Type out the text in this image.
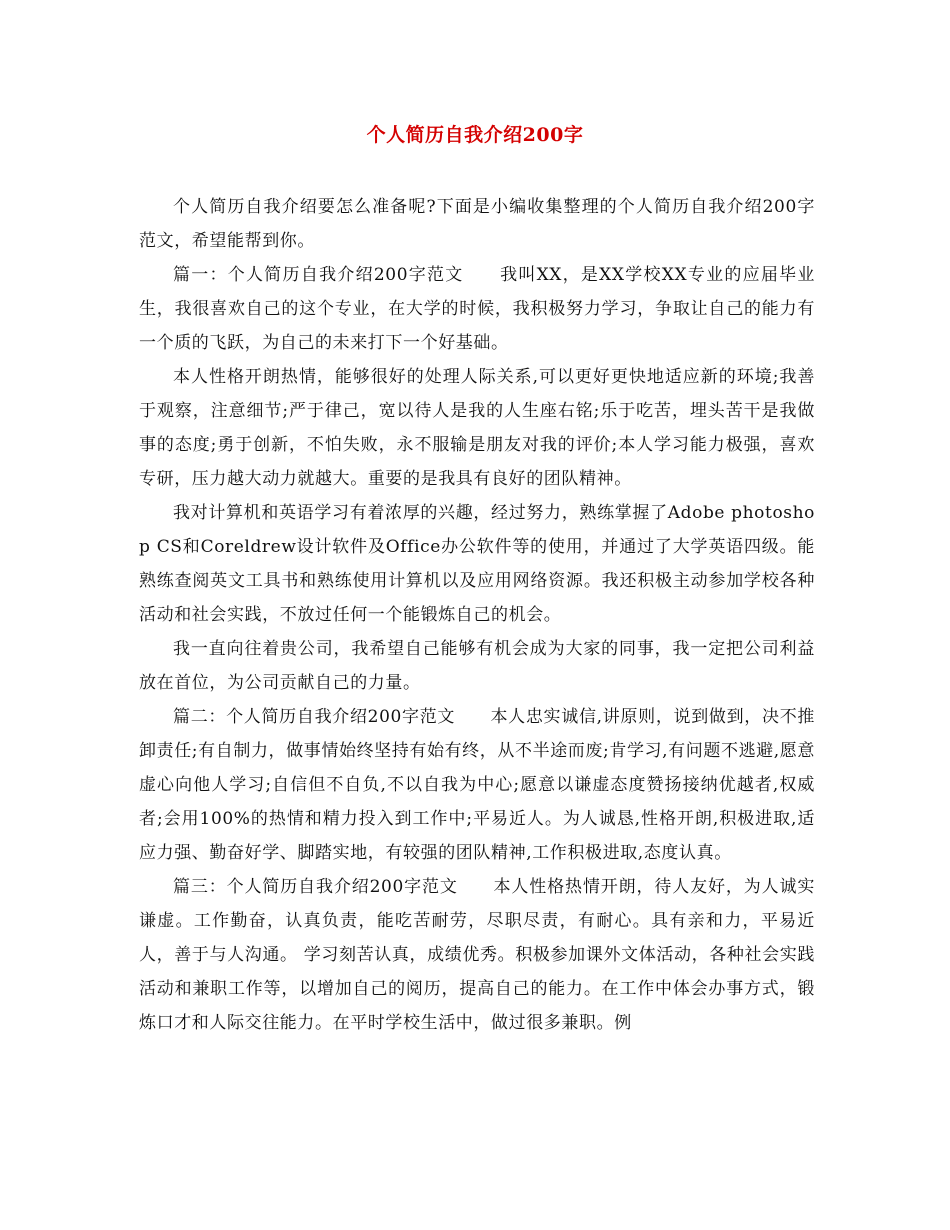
个人简历自我介绍200字

个人简历自我介绍要怎么准备呢?下面是小编收集整理的个人简历自我介绍200字范文，希望能帮到你。

篇一：个人简历自我介绍200字范文　　我叫XX，是XX学校XX专业的应届毕业生，我很喜欢自己的这个专业，在大学的时候，我积极努力学习，争取让自己的能力有一个质的飞跃，为自己的未来打下一个好基础。

本人性格开朗热情，能够很好的处理人际关系,可以更好更快地适应新的环境;我善于观察，注意细节;严于律己，宽以待人是我的人生座右铭;乐于吃苦，埋头苦干是我做事的态度;勇于创新，不怕失败，永不服输是朋友对我的评价;本人学习能力极强，喜欢专研，压力越大动力就越大。重要的是我具有良好的团队精神。

我对计算机和英语学习有着浓厚的兴趣，经过努力，熟练掌握了Adobe photoshop CS和Coreldrew设计软件及Office办公软件等的使用，并通过了大学英语四级。能熟练查阅英文工具书和熟练使用计算机以及应用网络资源。我还积极主动参加学校各种活动和社会实践，不放过任何一个能锻炼自己的机会。

我一直向往着贵公司，我希望自己能够有机会成为大家的同事，我一定把公司利益放在首位，为公司贡献自己的力量。

篇二：个人简历自我介绍200字范文　　本人忠实诚信,讲原则，说到做到，决不推卸责任;有自制力，做事情始终坚持有始有终，从不半途而废;肯学习,有问题不逃避,愿意虚心向他人学习;自信但不自负,不以自我为中心;愿意以谦虚态度赞扬接纳优越者,权威者;会用100%的热情和精力投入到工作中;平易近人。为人诚恳,性格开朗,积极进取,适应力强、勤奋好学、脚踏实地，有较强的团队精神,工作积极进取,态度认真。

篇三：个人简历自我介绍200字范文　　本人性格热情开朗，待人友好，为人诚实谦虚。工作勤奋，认真负责，能吃苦耐劳，尽职尽责，有耐心。具有亲和力，平易近人，善于与人沟通。 学习刻苦认真，成绩优秀。积极参加课外文体活动，各种社会实践活动和兼职工作等，以增加自己的阅历，提高自己的能力。在工作中体会办事方式，锻炼口才和人际交往能力。在平时学校生活中，做过很多兼职。例
